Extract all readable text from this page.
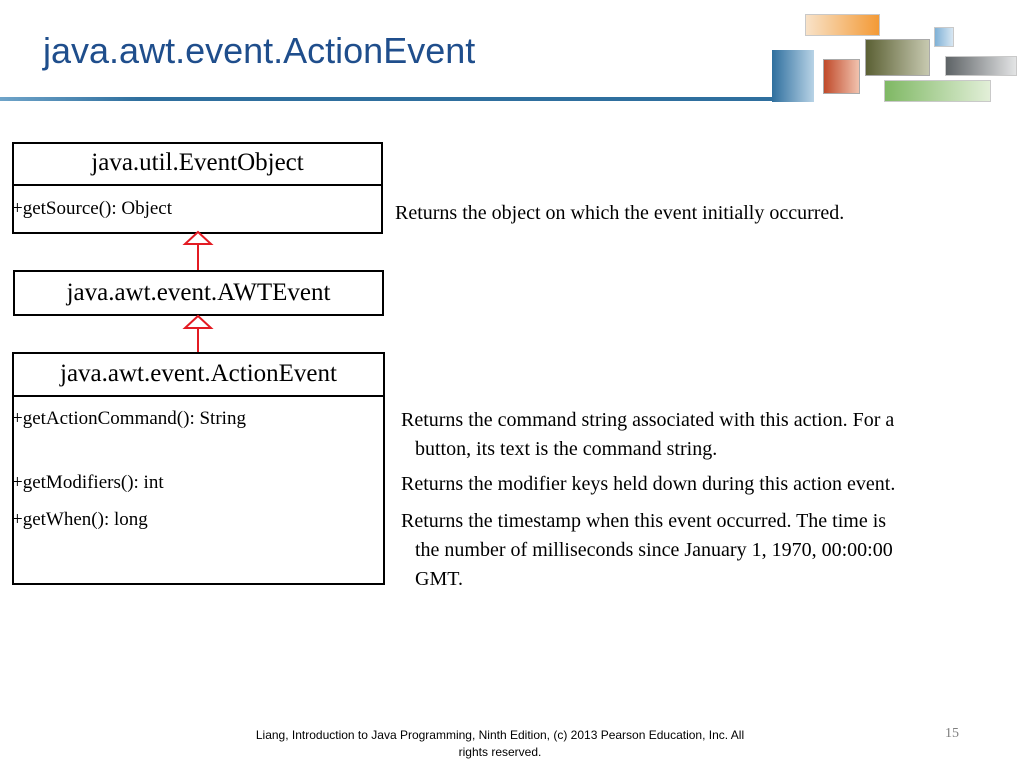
java.awt.event.ActionEvent
java.util.EventObject
+getSource(): Object
java.awt.event.AWTEvent
java.awt.event.ActionEvent
+getActionCommand(): String
+getModifiers(): int
+getWhen(): long
Returns the object on which the event initially occurred.
Returns the command string associated with this action. For a
button, its text is the command string.
Returns the modifier keys held down during this action event.
Returns the timestamp when this event occurred. The time is
the number of milliseconds since January 1, 1970, 00:00:00
GMT.
Liang, Introduction to Java Programming, Ninth Edition, (c) 2013 Pearson Education, Inc. All
rights reserved.
15
